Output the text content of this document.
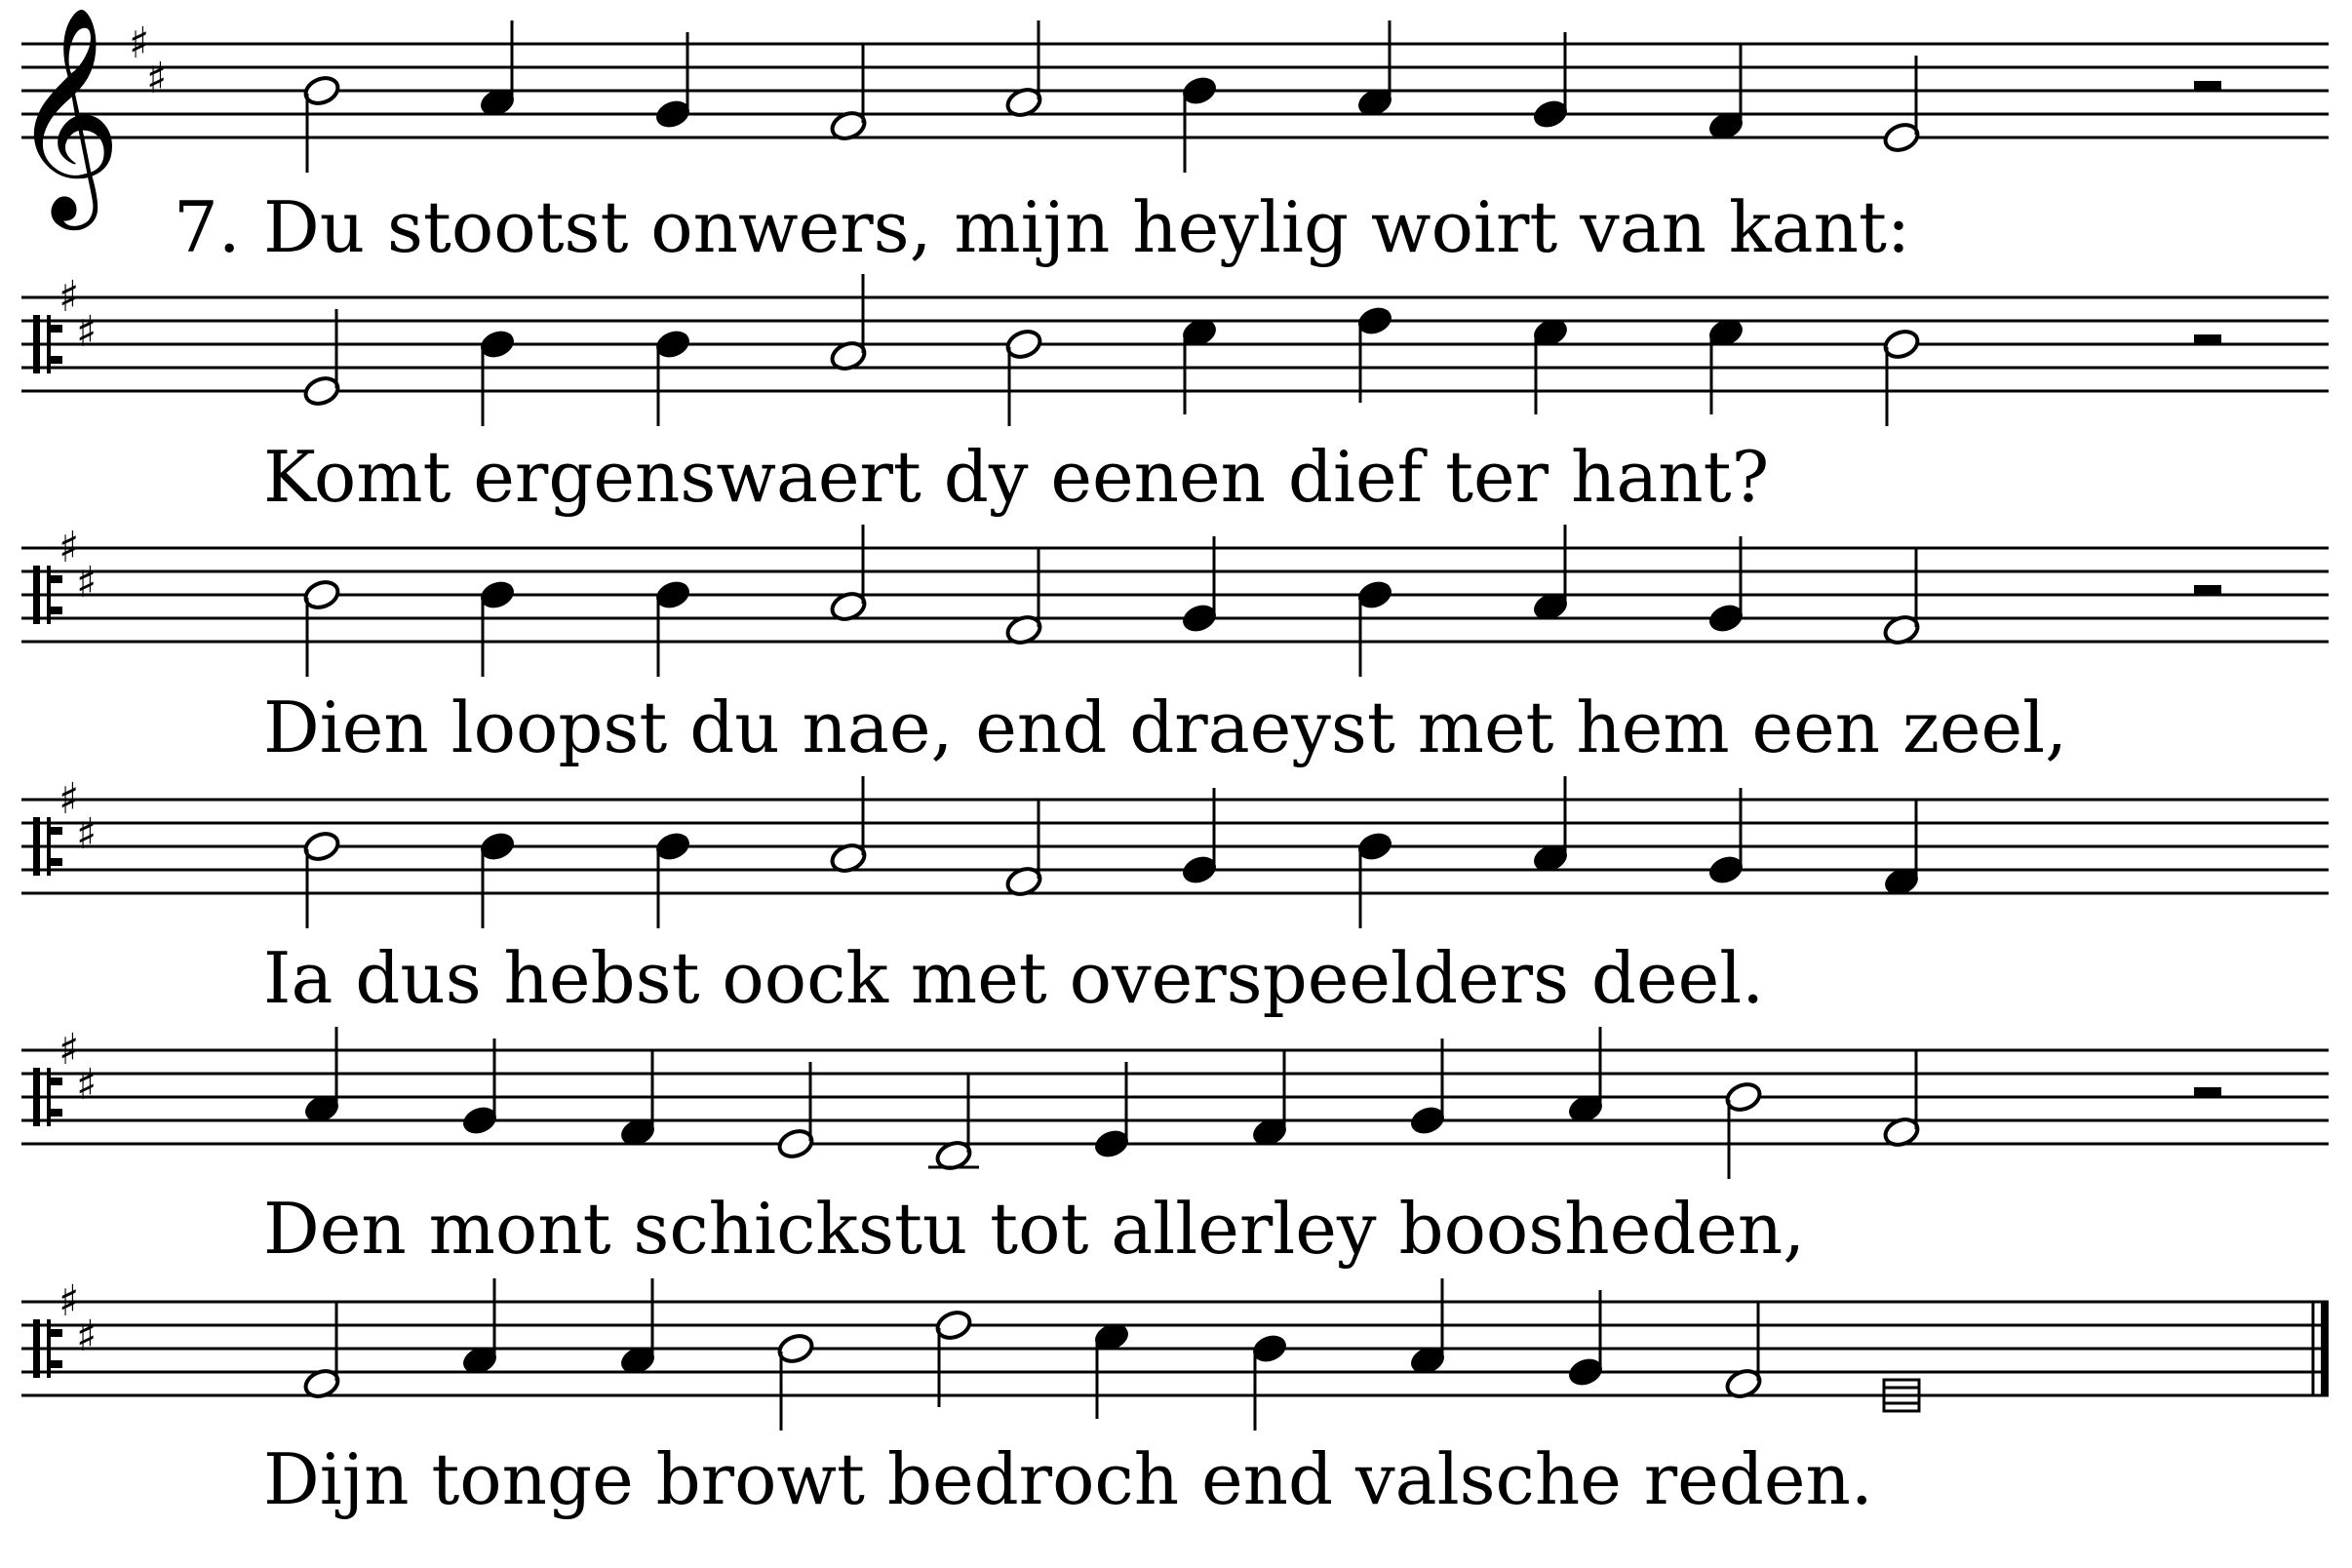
𝄞 ♯
♯
♯
♯
♯
♯
♯
♯
♯
♯
♯
♯
7. Du stootst onwers, mijn heylig woirt van kant:
Komt ergenswaert dy eenen dief ter hant?
Dien loopst du nae, end draeyst met hem een zeel,
Ia dus hebst oock met overspeelders deel.
Den mont schickstu tot allerley boosheden,
Dijn tonge browt bedroch end valsche reden.
